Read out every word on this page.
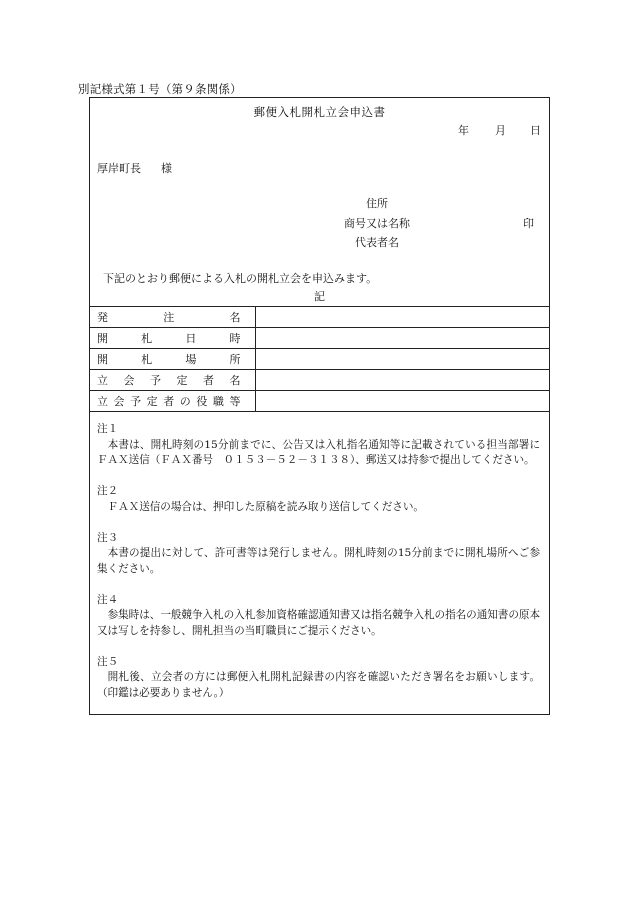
別記様式第１号（第９条関係）
郵便入札開札立会申込書
年 月 日
厚岸町長 様
住所
商号又は名称	印
代表者名
下記のとおり郵便による入札の開札立会を申込みます。
記
発注名	
開札日時	
開札場所	
立会予定者名	
立会予定者の役職等	
注１
本書は、開札時刻の15分前までに、公告又は入札指名通知等に記載されている担当部署にＦＡＸ送信（ＦＡＸ番号　０１５３－５２－３１３８）、郵送又は持参で提出してください。
注２
ＦＡＸ送信の場合は、押印した原稿を読み取り送信してください。
注３
本書の提出に対して、許可書等は発行しません。開札時刻の15分前までに開札場所へご参集ください。
注４
参集時は、一般競争入札の入札参加資格確認通知書又は指名競争入札の指名の通知書の原本又は写しを持参し、開札担当の当町職員にご提示ください。
注５
開札後、立会者の方には郵便入札開札記録書の内容を確認いただき署名をお願いします。（印鑑は必要ありません。）
